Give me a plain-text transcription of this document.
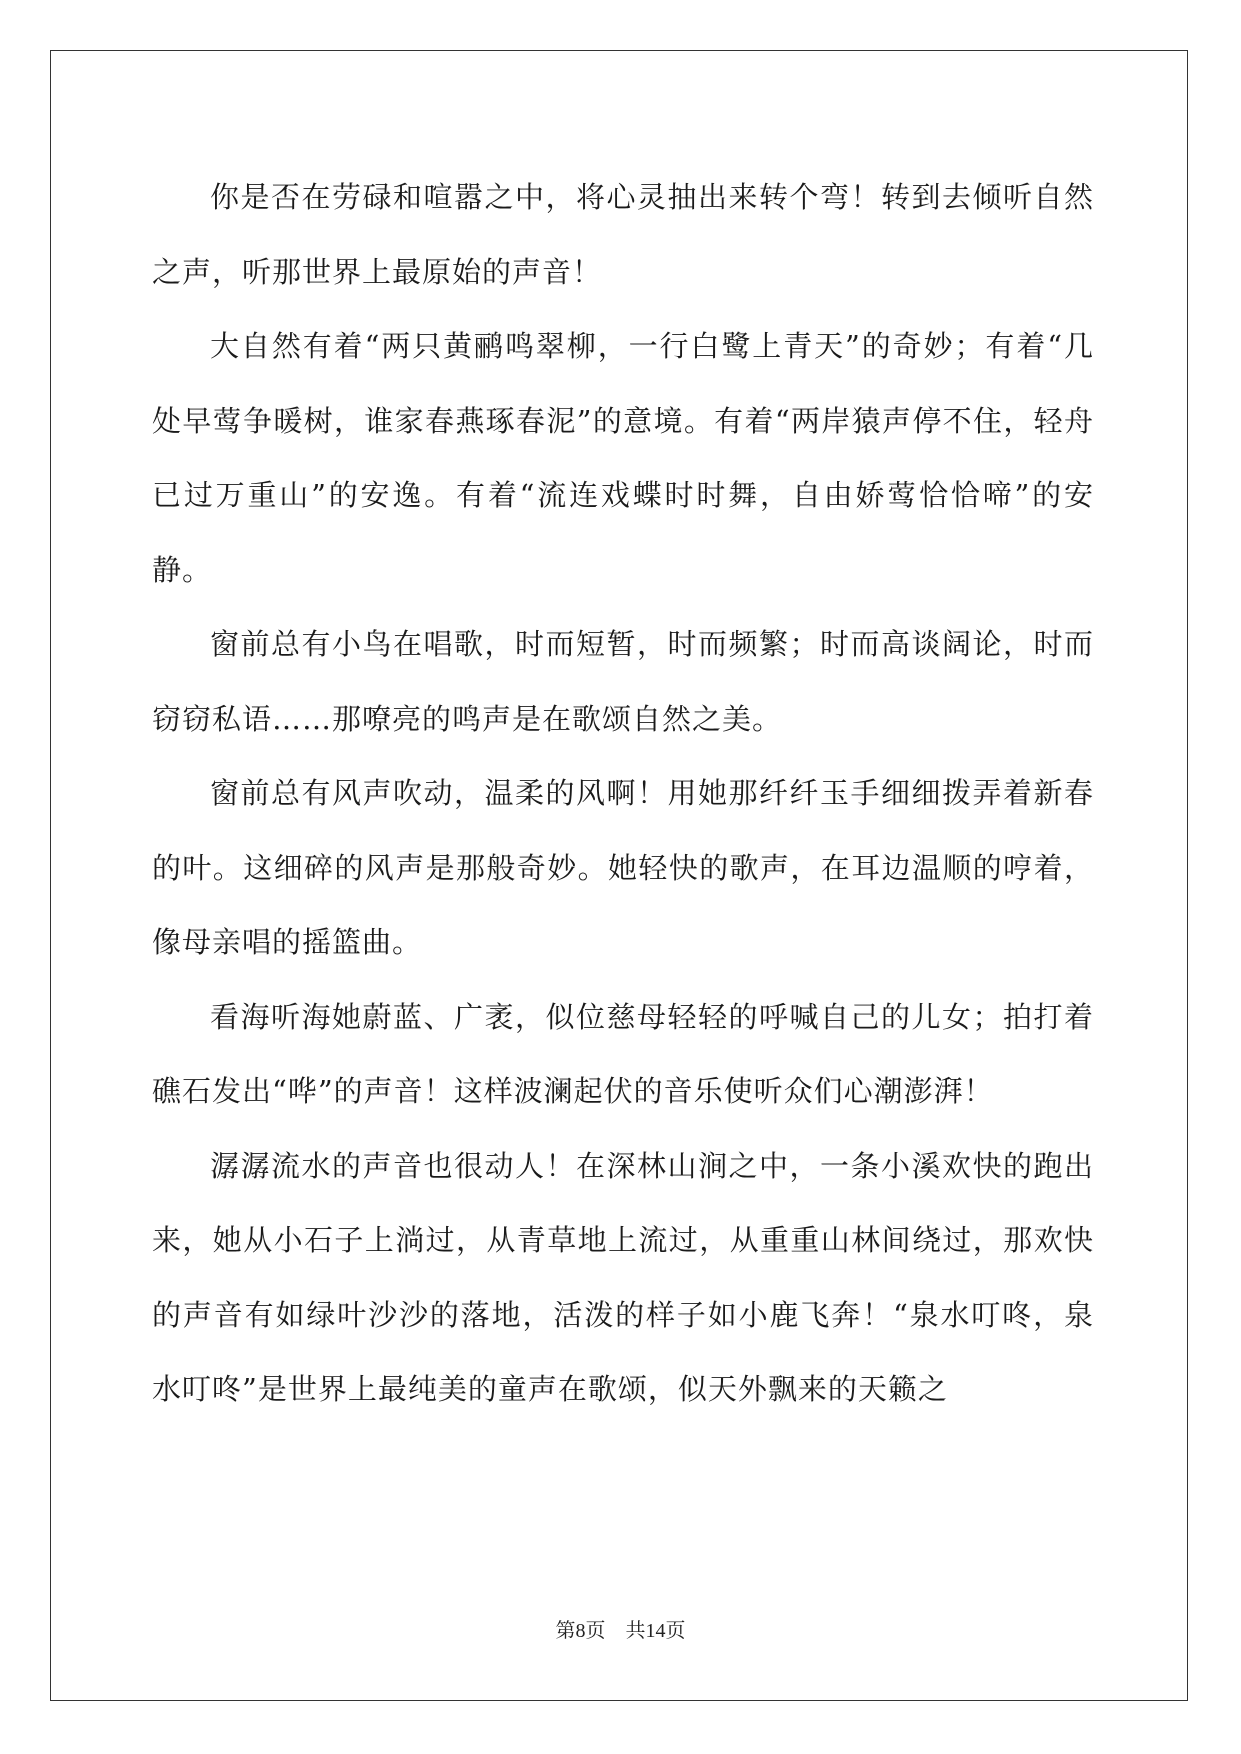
你是否在劳碌和喧嚣之中，将心灵抽出来转个弯！转到去倾听自然之声，听那世界上最原始的声音！

大自然有着“两只黄鹂鸣翠柳，一行白鹭上青天”的奇妙；有着“几处早莺争暖树，谁家春燕琢春泥”的意境。有着“两岸猿声停不住，轻舟已过万重山”的安逸。有着“流连戏蝶时时舞，自由娇莺恰恰啼”的安静。

窗前总有小鸟在唱歌，时而短暂，时而频繁；时而高谈阔论，时而窃窃私语……那嘹亮的鸣声是在歌颂自然之美。

窗前总有风声吹动，温柔的风啊！用她那纤纤玉手细细拨弄着新春的叶。这细碎的风声是那般奇妙。她轻快的歌声，在耳边温顺的哼着，像母亲唱的摇篮曲。

看海听海她蔚蓝、广袤，似位慈母轻轻的呼喊自己的儿女；拍打着礁石发出“哗”的声音！这样波澜起伏的音乐使听众们心潮澎湃！

潺潺流水的声音也很动人！在深林山涧之中，一条小溪欢快的跑出来，她从小石子上淌过，从青草地上流过，从重重山林间绕过，那欢快的声音有如绿叶沙沙的落地，活泼的样子如小鹿飞奔！“泉水叮咚，泉水叮咚”是世界上最纯美的童声在歌颂，似天外飘来的天籁之

第8页 共14页
